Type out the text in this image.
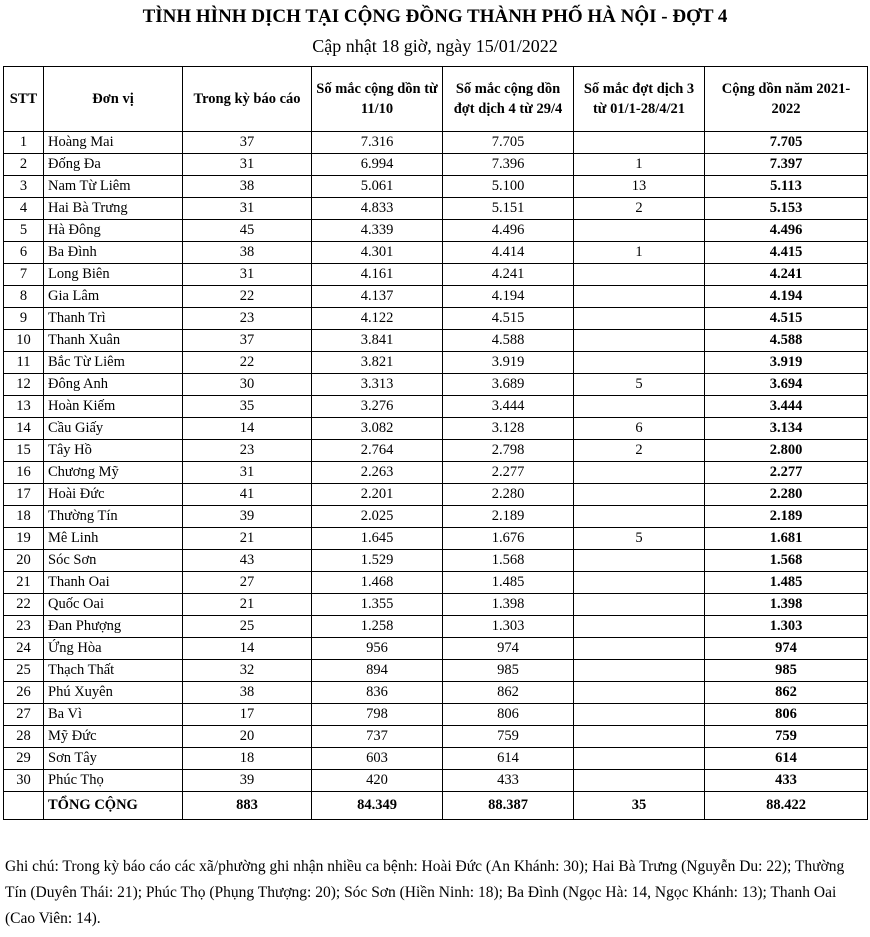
TÌNH HÌNH DỊCH TẠI CỘNG ĐỒNG THÀNH PHỐ HÀ NỘI - ĐỢT 4
Cập nhật 18 giờ, ngày 15/01/2022
STT	Đơn vị	Trong kỳ báo cáo	Số mắc cộng dồn từ 11/10	Số mắc cộng dồn đợt dịch 4 từ 29/4	Số mắc đợt dịch 3 từ 01/1-28/4/21	Cộng dồn năm 2021-2022
1	Hoàng Mai	37	7.316	7.705		7.705
2	Đống Đa	31	6.994	7.396	1	7.397
3	Nam Từ Liêm	38	5.061	5.100	13	5.113
4	Hai Bà Trưng	31	4.833	5.151	2	5.153
5	Hà Đông	45	4.339	4.496		4.496
6	Ba Đình	38	4.301	4.414	1	4.415
7	Long Biên	31	4.161	4.241		4.241
8	Gia Lâm	22	4.137	4.194		4.194
9	Thanh Trì	23	4.122	4.515		4.515
10	Thanh Xuân	37	3.841	4.588		4.588
11	Bắc Từ Liêm	22	3.821	3.919		3.919
12	Đông Anh	30	3.313	3.689	5	3.694
13	Hoàn Kiếm	35	3.276	3.444		3.444
14	Cầu Giấy	14	3.082	3.128	6	3.134
15	Tây Hồ	23	2.764	2.798	2	2.800
16	Chương Mỹ	31	2.263	2.277		2.277
17	Hoài Đức	41	2.201	2.280		2.280
18	Thường Tín	39	2.025	2.189		2.189
19	Mê Linh	21	1.645	1.676	5	1.681
20	Sóc Sơn	43	1.529	1.568		1.568
21	Thanh Oai	27	1.468	1.485		1.485
22	Quốc Oai	21	1.355	1.398		1.398
23	Đan Phượng	25	1.258	1.303		1.303
24	Ứng Hòa	14	956	974		974
25	Thạch Thất	32	894	985		985
26	Phú Xuyên	38	836	862		862
27	Ba Vì	17	798	806		806
28	Mỹ Đức	20	737	759		759
29	Sơn Tây	18	603	614		614
30	Phúc Thọ	39	420	433		433
	TỔNG CỘNG	883	84.349	88.387	35	88.422
Ghi chú: Trong kỳ báo cáo các xã/phường ghi nhận nhiều ca bệnh: Hoài Đức (An Khánh: 30); Hai Bà Trưng (Nguyễn Du: 22); Thường Tín (Duyên Thái: 21); Phúc Thọ (Phụng Thượng: 20); Sóc Sơn (Hiền Ninh: 18); Ba Đình (Ngọc Hà: 14, Ngọc Khánh: 13); Thanh Oai (Cao Viên: 14).
